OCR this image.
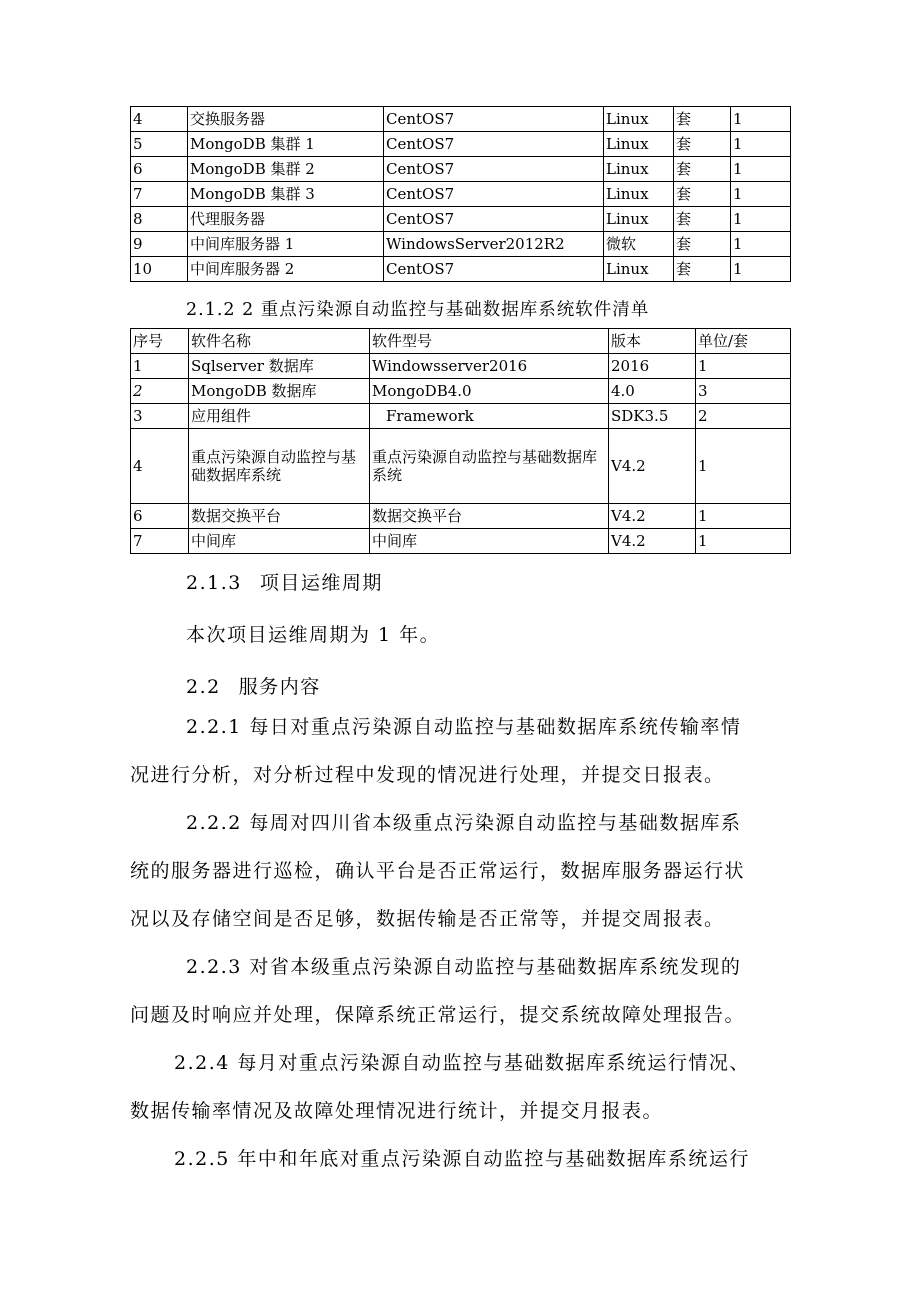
4	交换服务器	CentOS7	Linux	套	1
5	MongoDB 集群 1	CentOS7	Linux	套	1
6	MongoDB 集群 2	CentOS7	Linux	套	1
7	MongoDB 集群 3	CentOS7	Linux	套	1
8	代理服务器	CentOS7	Linux	套	1
9	中间库服务器 1	WindowsServer2012R2	微软	套	1
10	中间库服务器 2	CentOS7	Linux	套	1
2.1.2 2 重点污染源自动监控与基础数据库系统软件清单
序号	软件名称	软件型号	版本	单位/套
1	Sqlserver 数据库	Windowsserver2016	2016	1
2	MongoDB 数据库	MongoDB4.0	4.0	3
3	应用组件	Framework	SDK3.5	2
4	重点污染源自动监控与基础数据库系统	重点污染源自动监控与基础数据库系统	V4.2	1
6	数据交换平台	数据交换平台	V4.2	1
7	中间库	中间库	V4.2	1
2.1.3 项目运维周期
本次项目运维周期为 1 年。
2.2 服务内容
2.2.1 每日对重点污染源自动监控与基础数据库系统传输率情
况进行分析，对分析过程中发现的情况进行处理，并提交日报表。
2.2.2 每周对四川省本级重点污染源自动监控与基础数据库系
统的服务器进行巡检，确认平台是否正常运行，数据库服务器运行状
况以及存储空间是否足够，数据传输是否正常等，并提交周报表。
2.2.3 对省本级重点污染源自动监控与基础数据库系统发现的
问题及时响应并处理，保障系统正常运行，提交系统故障处理报告。
2.2.4 每月对重点污染源自动监控与基础数据库系统运行情况、
数据传输率情况及故障处理情况进行统计，并提交月报表。
2.2.5 年中和年底对重点污染源自动监控与基础数据库系统运行
